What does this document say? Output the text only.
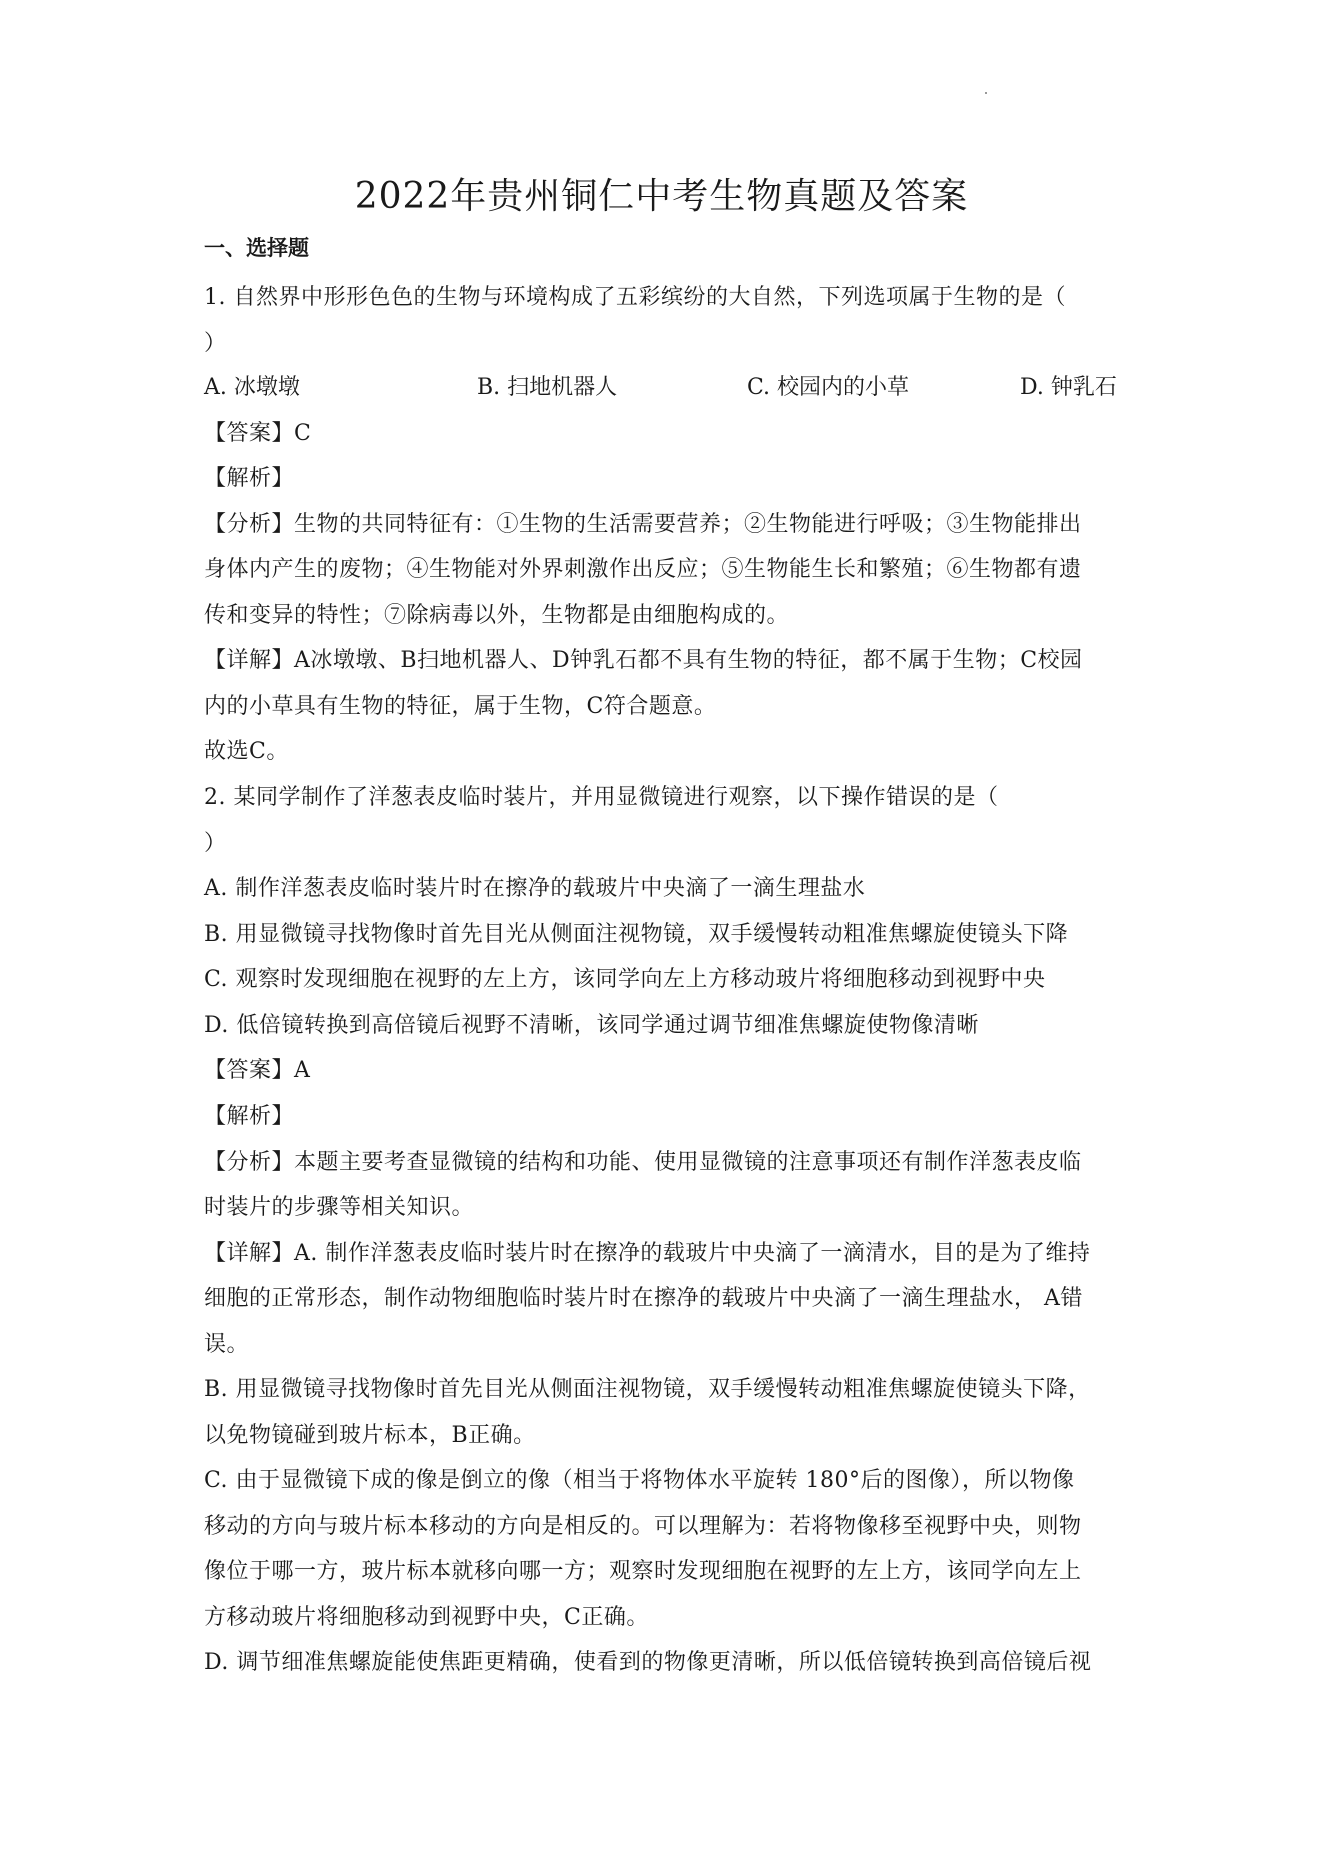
2022年贵州铜仁中考生物真题及答案
一、选择题
1. 自然界中形形色色的生物与环境构成了五彩缤纷的大自然，下列选项属于生物的是（
）
A. 冰墩墩	B. 扫地机器人	C. 校园内的小草	D. 钟乳石
【答案】C
【解析】
【分析】生物的共同特征有：①生物的生活需要营养；②生物能进行呼吸；③生物能排出
身体内产生的废物；④生物能对外界刺激作出反应；⑤生物能生长和繁殖；⑥生物都有遗
传和变异的特性；⑦除病毒以外，生物都是由细胞构成的。
【详解】A冰墩墩、B扫地机器人、D钟乳石都不具有生物的特征，都不属于生物；C校园
内的小草具有生物的特征，属于生物，C符合题意。
故选C。
2. 某同学制作了洋葱表皮临时装片，并用显微镜进行观察，以下操作错误的是（
）
A. 制作洋葱表皮临时装片时在擦净的载玻片中央滴了一滴生理盐水
B. 用显微镜寻找物像时首先目光从侧面注视物镜，双手缓慢转动粗准焦螺旋使镜头下降
C. 观察时发现细胞在视野的左上方，该同学向左上方移动玻片将细胞移动到视野中央
D. 低倍镜转换到高倍镜后视野不清晰，该同学通过调节细准焦螺旋使物像清晰
【答案】A
【解析】
【分析】本题主要考查显微镜的结构和功能、使用显微镜的注意事项还有制作洋葱表皮临
时装片的步骤等相关知识。
【详解】A. 制作洋葱表皮临时装片时在擦净的载玻片中央滴了一滴清水，目的是为了维持
细胞的正常形态，制作动物细胞临时装片时在擦净的载玻片中央滴了一滴生理盐水， A错
误。
B. 用显微镜寻找物像时首先目光从侧面注视物镜，双手缓慢转动粗准焦螺旋使镜头下降，
以免物镜碰到玻片标本，B正确。
C. 由于显微镜下成的像是倒立的像（相当于将物体水平旋转 180°后的图像），所以物像
移动的方向与玻片标本移动的方向是相反的。可以理解为：若将物像移至视野中央，则物
像位于哪一方，玻片标本就移向哪一方；观察时发现细胞在视野的左上方，该同学向左上
方移动玻片将细胞移动到视野中央，C正确。
D. 调节细准焦螺旋能使焦距更精确，使看到的物像更清晰，所以低倍镜转换到高倍镜后视
